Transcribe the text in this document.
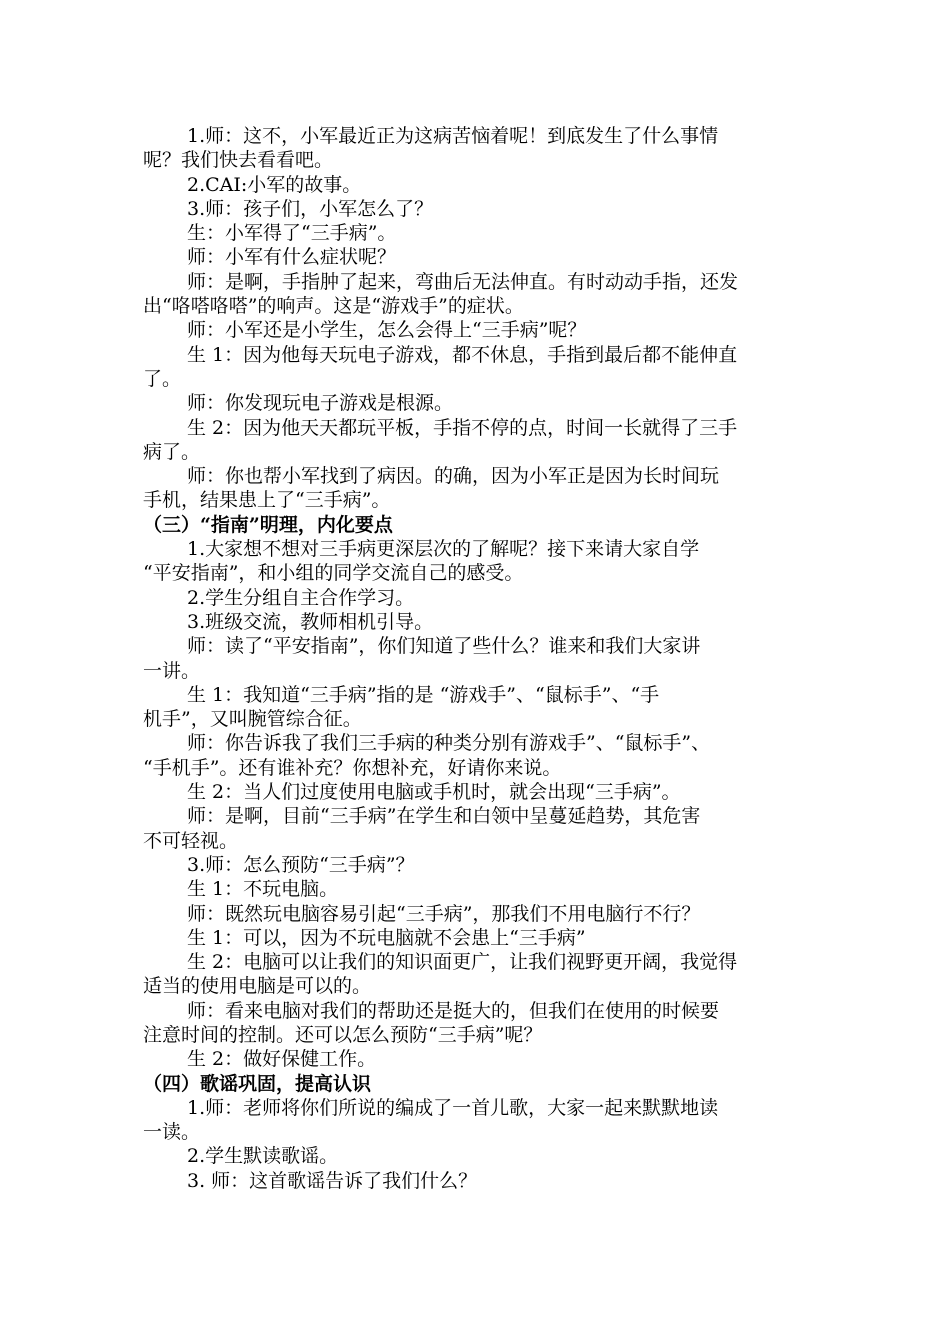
1.师：这不，小军最近正为这病苦恼着呢！到底发生了什么事情
呢？我们快去看看吧。
2.CAI:小军的故事。
3.师：孩子们，小军怎么了？
生：小军得了“三手病”。
师：小军有什么症状呢？
师：是啊，手指肿了起来，弯曲后无法伸直。有时动动手指，还发
出“咯嗒咯嗒”的响声。这是“游戏手”的症状。
师：小军还是小学生，怎么会得上“三手病”呢？
生 1：因为他每天玩电子游戏，都不休息，手指到最后都不能伸直
了。
师：你发现玩电子游戏是根源。
生 2：因为他天天都玩平板，手指不停的点，时间一长就得了三手
病了。
师：你也帮小军找到了病因。的确，因为小军正是因为长时间玩
手机，结果患上了“三手病”。
（三）“指南”明理，内化要点
1.大家想不想对三手病更深层次的了解呢？接下来请大家自学
“平安指南”，和小组的同学交流自己的感受。
2.学生分组自主合作学习。
3.班级交流，教师相机引导。
师：读了“平安指南”，你们知道了些什么？谁来和我们大家讲
一讲。
生 1：我知道“三手病”指的是 “游戏手”、“鼠标手”、“手
机手”，又叫腕管综合征。
师：你告诉我了我们三手病的种类分别有游戏手”、“鼠标手”、
“手机手”。还有谁补充？你想补充，好请你来说。
生 2：当人们过度使用电脑或手机时，就会出现“三手病”。
师：是啊，目前“三手病”在学生和白领中呈蔓延趋势，其危害
不可轻视。
3.师：怎么预防“三手病”？
生 1：不玩电脑。
师：既然玩电脑容易引起“三手病”，那我们不用电脑行不行？
生 1：可以，因为不玩电脑就不会患上“三手病”
生 2：电脑可以让我们的知识面更广，让我们视野更开阔，我觉得
适当的使用电脑是可以的。
师：看来电脑对我们的帮助还是挺大的，但我们在使用的时候要
注意时间的控制。还可以怎么预防“三手病”呢？
生 2：做好保健工作。
（四）歌谣巩固，提高认识
1.师：老师将你们所说的编成了一首儿歌，大家一起来默默地读
一读。
2.学生默读歌谣。
3. 师：这首歌谣告诉了我们什么？
